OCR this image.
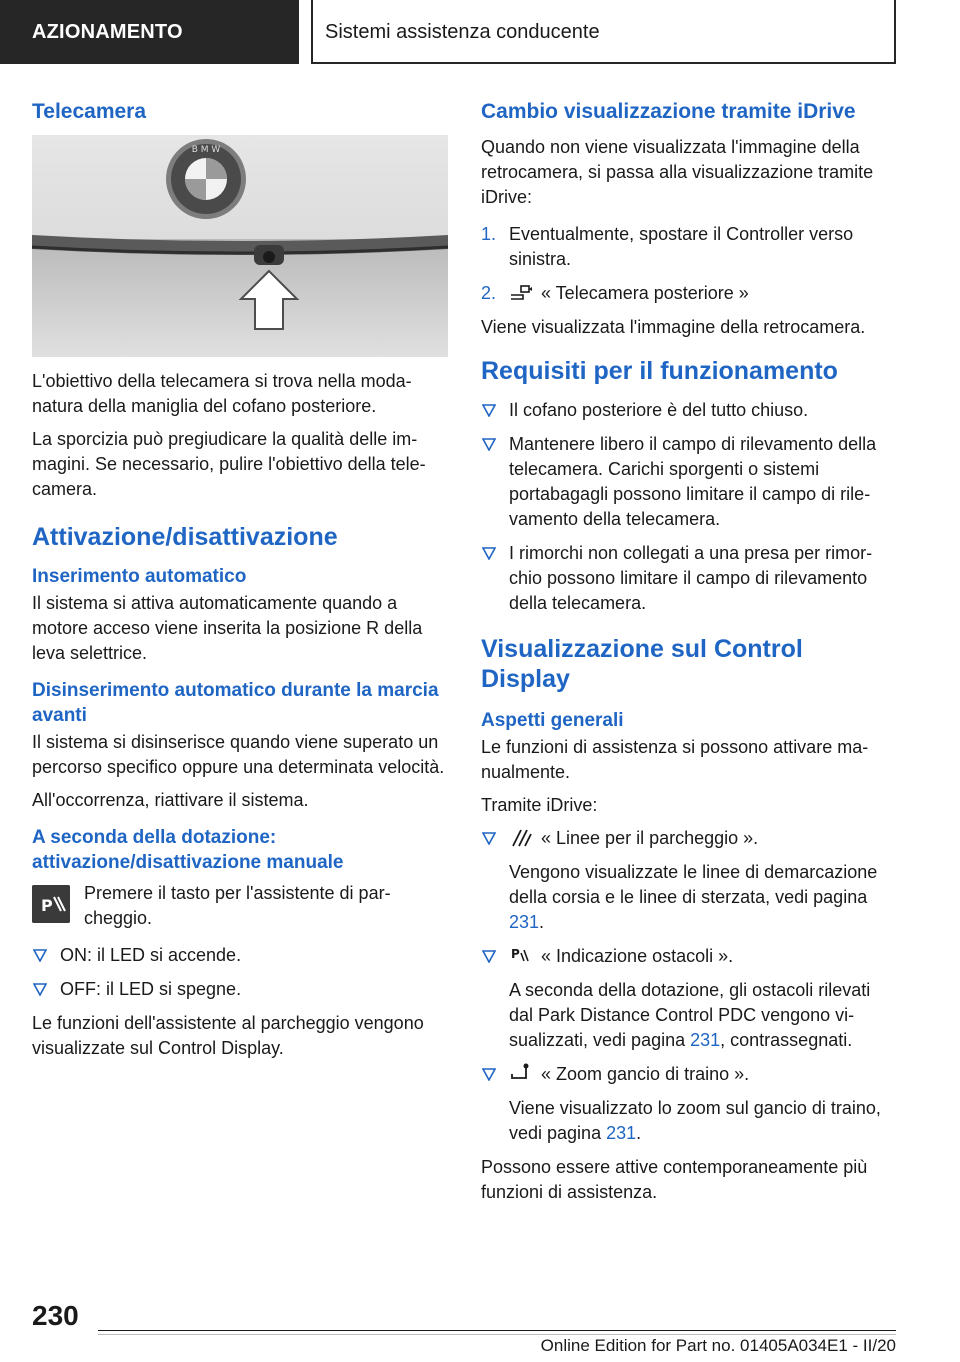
AZIONAMENTO	Sistemi assistenza conducente
Telecamera
B M W

L'obiettivo della telecamera si trova nella modanatura della maniglia del cofano posteriore.

La sporcizia può pregiudicare la qualità delle immagini. Se necessario, pulire l'obiettivo della telecamera.

Attivazione/disattivazione
Inserimento automatico

Il sistema si attiva automaticamente quando a motore acceso viene inserita la posizione R della leva selettrice.

Disinserimento automatico durante la marcia avanti

Il sistema si disinserisce quando viene superato un percorso specifico oppure una determinata velocità.

All'occorrenza, riattivare il sistema.

A seconda della dotazione: attivazione/disattivazione manuale
P
Premere il tasto per l'assistente di parcheggio.
ON: il LED si accende.
OFF: il LED si spegne.

Le funzioni dell'assistente al parcheggio vengono visualizzate sul Control Display.

Cambio visualizzazione tramite iDrive

Quando non viene visualizzata l'immagine della retrocamera, si passa alla visualizzazione tramite iDrive:

1. Eventualmente, spostare il Controller verso sinistra.
2. « Telecamera posteriore »

Viene visualizzata l'immagine della retrocamera.

Requisiti per il funzionamento
Il cofano posteriore è del tutto chiuso.
Mantenere libero il campo di rilevamento della telecamera. Carichi sporgenti o sistemi portabagagli possono limitare il campo di rilevamento della telecamera.
I rimorchi non collegati a una presa per rimorchio possono limitare il campo di rilevamento della telecamera.
Visualizzazione sul Control Display
Aspetti generali

Le funzioni di assistenza si possono attivare manualmente.

Tramite iDrive:

« Linee per il parcheggio ».
Vengono visualizzate le linee di demarcazione della corsia e le linee di sterzata, vedi pagina 231.
P « Indicazione ostacoli ».
A seconda della dotazione, gli ostacoli rilevati dal Park Distance Control PDC vengono visualizzati, vedi pagina 231, contrassegnati.
« Zoom gancio di traino ».
Viene visualizzato lo zoom sul gancio di traino, vedi pagina 231.

Possono essere attive contemporaneamente più funzioni di assistenza.

230
Online Edition for Part no. 01405A034E1 - II/20
